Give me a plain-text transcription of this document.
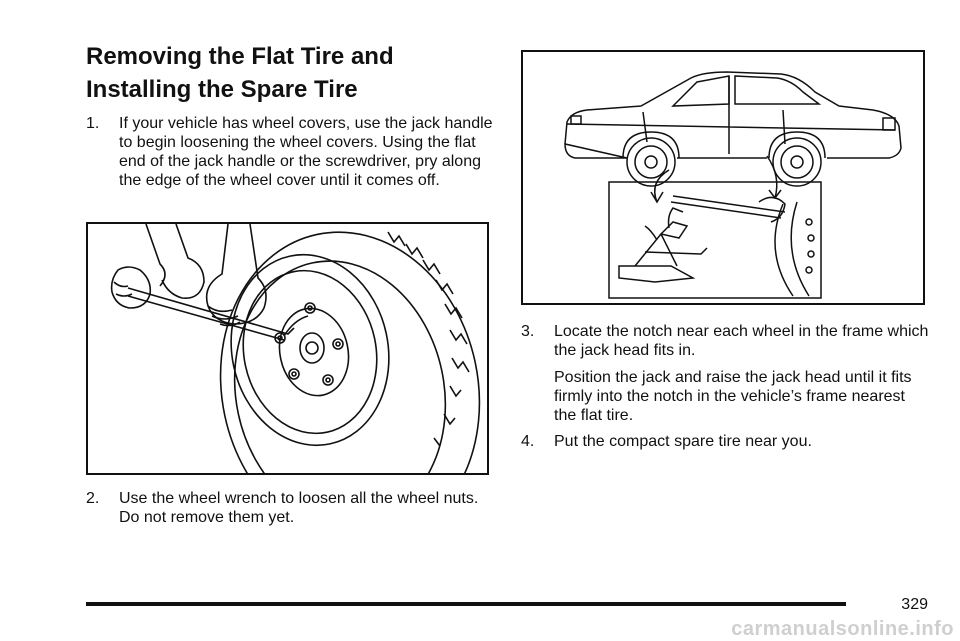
Removing the Flat Tire and
Installing the Spare Tire
1.	If your vehicle has wheel covers, use the jack handle to begin loosening the wheel covers. Using the flat end of the jack handle or the screwdriver, pry along the edge of the wheel cover until it comes off.
2.	Use the wheel wrench to loosen all the wheel nuts. Do not remove them yet.
3.	Locate the notch near each wheel in the frame which the jack head fits in.

Position the jack and raise the jack head until it fits firmly into the notch in the vehicle’s frame nearest the flat tire.

4.	Put the compact spare tire near you.
329
carmanualsonline.info
